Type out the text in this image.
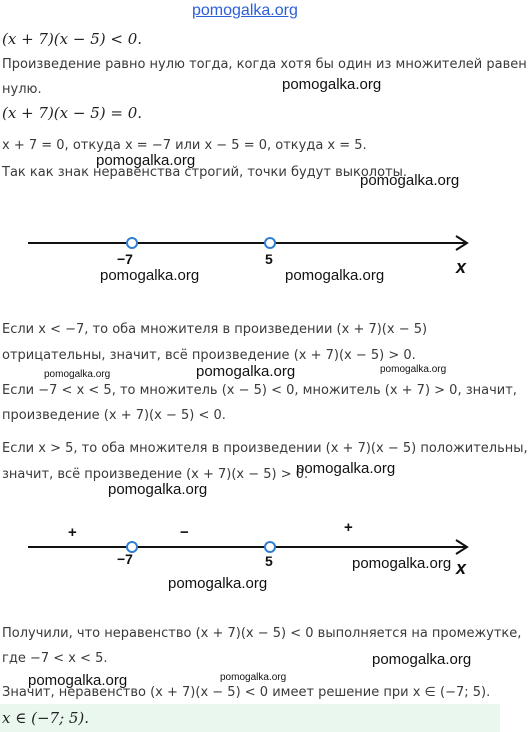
pomogalka.org
(x + 7)(x − 5) < 0.
Произведение равно нулю тогда, когда хотя бы один из множителей равен
нулю.	pomogalka.org
(x + 7)(x − 5) = 0.
x + 7 = 0, откуда x = −7 или x − 5 = 0, откуда x = 5.
pomogalka.org
Так как знак неравенства строгий, точки будут выколоты.
pomogalka.org
−7	5	x
pomogalka.org	pomogalka.org
Если x < −7, то оба множителя в произведении (x + 7)(x − 5)
отрицательны, значит, всё произведение (x + 7)(x − 5) > 0.
pomogalka.org	pomogalka.org	pomogalka.org
Если −7 < x < 5, то множитель (x − 5) < 0, множитель (x + 7) > 0, значит,
произведение (x + 7)(x − 5) < 0.
Если x > 5, то оба множителя в произведении (x + 7)(x − 5) положительны,
значит, всё произведение (x + 7)(x − 5) > 0.
pomogalka.org
pomogalka.org
+	−	+
−7	5	x
pomogalka.org
pomogalka.org
Получили, что неравенство (x + 7)(x − 5) < 0 выполняется на промежутке,
где −7 < x < 5.	pomogalka.org
pomogalka.org	pomogalka.org
Значит, неравенство (x + 7)(x − 5) < 0 имеет решение при x ∈ (−7; 5).
x ∈ (−7; 5).
